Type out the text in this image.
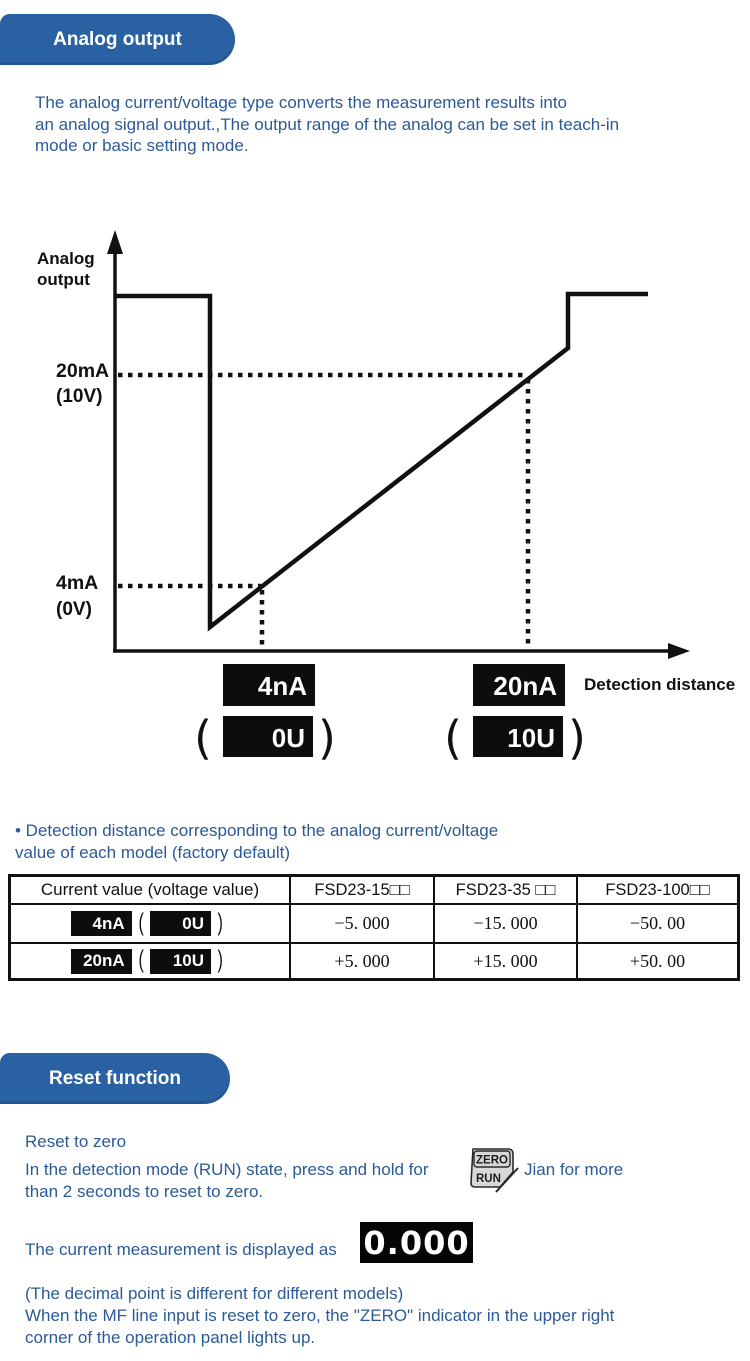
Analog output
The analog current/voltage type converts the measurement results into
an analog signal output.,The output range of the analog can be set in teach-in
mode or basic setting mode.
Analog
output
20mA
(10V)
4mA
(0V)
4nA	20nA
( 0U ) ( 10U )
Detection distance
• Detection distance corresponding to the analog current/voltage
value of each model (factory default)
Current value (voltage value)	FSD23-15□□	FSD23-35 □□	FSD23-100□□
4nA (	0U )	−5. 000	−15. 000	−50. 00
20nA (	10U )	+5. 000	+15. 000	+50. 00
Reset function
Reset to zero
In the detection mode (RUN) state, press and hold for	ZERO
RUN Jian for more
than 2 seconds to reset to zero.
The current measurement is displayed as 0.000
(The decimal point is different for different models)
When the MF line input is reset to zero, the "ZERO" indicator in the upper right
corner of the operation panel lights up.
